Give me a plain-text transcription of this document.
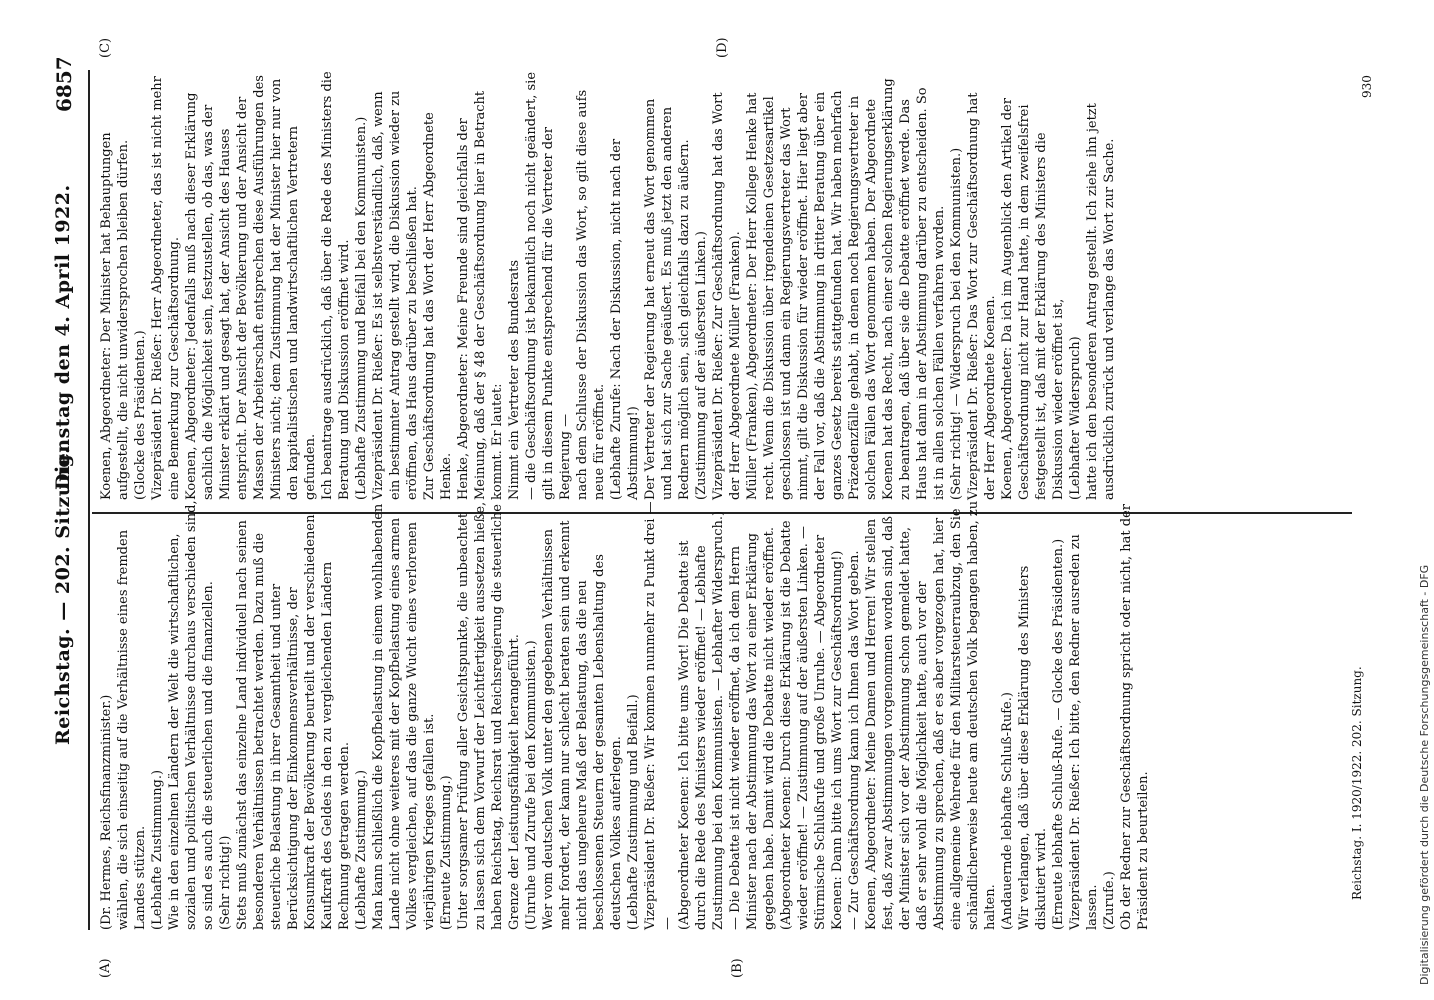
Reichstag. — 202. Sitzung.
Dienstag den 4. April 1922.
6857
(A)	(B)
(C)	(D)
(Dr. Hermes, Reichsfinanzminister.) wählen, die sich einseitig auf die Verhältnisse eines fremden Landes stützen. (Lebhafte Zustimmung.) Wie in den einzelnen Ländern der Welt die wirtschaftlichen, sozialen und politischen Verhältnisse durchaus verschieden sind, so sind es auch die steuerlichen und die finanziellen. (Sehr richtig!) Stets muß zunächst das einzelne Land individuell nach seinen besonderen Verhältnissen betrachtet werden. Dazu muß die steuerliche Belastung in ihrer Gesamtheit und unter Berücksichtigung der Einkommensverhältnisse, der Konsumkraft der Bevölkerung beurteilt und der verschiedenen Kaufkraft des Geldes in den zu vergleichenden Ländern Rechnung getragen werden. (Lebhafte Zustimmung.) Man kann schließlich die Kopfbelastung in einem wohlhabenden Lande nicht ohne weiteres mit der Kopfbelastung eines armen Volkes vergleichen, auf das die ganze Wucht eines verlorenen vierjährigen Krieges gefallen ist. (Erneute Zustimmung.) Unter sorgsamer Prüfung aller Gesichtspunkte, die unbeachtet zu lassen sich dem Vorwurf der Leichtfertigkeit aussetzen hieße, haben Reichstag, Reichsrat und Reichsregierung die steuerliche Grenze der Leistungsfähigkeit herangeführt. (Unruhe und Zurufe bei den Kommunisten.) Wer vom deutschen Volk unter den gegebenen Verhältnissen mehr fordert, der kann nur schlecht beraten sein und erkennt nicht das ungeheure Maß der Belastung, das die neu beschlossenen Steuern der gesamten Lebenshaltung des deutschen Volkes auferlegen. (Lebhafte Zustimmung und Beifall.) Vizepräsident Dr. Rießer: Wir kommen nunmehr zu Punkt drei — — (Abgeordneter Koenen: Ich bitte ums Wort! Die Debatte ist durch die Rede des Ministers wieder eröffnet! — Lebhafte Zustimmung bei den Kommunisten. — Lebhafter Widerspruch.) — Die Debatte ist nicht wieder eröffnet, da ich dem Herrn Minister nach der Abstimmung das Wort zu einer Erklärung gegeben habe. Damit wird die Debatte nicht wieder eröffnet. (Abgeordneter Koenen: Durch diese Erklärung ist die Debatte wieder eröffnet! — Zustimmung auf der äußersten Linken. — Stürmische Schlußrufe und große Unruhe. — Abgeordneter Koenen: Dann bitte ich ums Wort zur Geschäftsordnung!) — Zur Geschäftsordnung kann ich Ihnen das Wort geben. Koenen, Abgeordneter: Meine Damen und Herren! Wir stellen fest, daß zwar Abstimmungen vorgenommen worden sind, daß der Minister sich vor der Abstimmung schon gemeldet hatte, daß er sehr wohl die Möglichkeit hatte, auch vor der Abstimmung zu sprechen, daß er es aber vorgezogen hat, hier eine allgemeine Wehrede für den Militarsteuerraubzug, den Sie schändlicherweise heute am deutschen Volk begangen haben, zu halten. (Andauernde lebhafte Schluß-Rufe.) Wir verlangen, daß über diese Erklärung des Ministers diskutiert wird. (Erneute lebhafte Schluß-Rufe. — Glocke des Präsidenten.) Vizepräsident Dr. Rießer: Ich bitte, den Redner ausreden zu lassen. (Zurufe.) Ob der Redner zur Geschäftsordnung spricht oder nicht, hat der Präsident zu beurteilen.
Koenen, Abgeordneter: Der Minister hat Behauptungen aufgestellt, die nicht unwidersprochen bleiben dürfen. (Glocke des Präsidenten.) Vizepräsident Dr. Rießer: Herr Abgeordneter, das ist nicht mehr eine Bemerkung zur Geschäftsordnung. Koenen, Abgeordneter: Jedenfalls muß nach dieser Erklärung sachlich die Möglichkeit sein, festzustellen, ob das, was der Minister erklärt und gesagt hat, der Ansicht des Hauses entspricht. Der Ansicht der Bevölkerung und der Ansicht der Massen der Arbeiterschaft entsprechen diese Ausführungen des Ministers nicht; dem Zustimmung hat der Minister hier nur von den kapitalistischen und landwirtschaftlichen Vertretern gefunden. Ich beantrage ausdrücklich, daß über die Rede des Ministers die Beratung und Diskussion eröffnet wird. (Lebhafte Zustimmung und Beifall bei den Kommunisten.) Vizepräsident Dr. Rießer: Es ist selbstverständlich, daß, wenn ein bestimmter Antrag gestellt wird, die Diskussion wieder zu eröffnen, das Haus darüber zu beschließen hat. Zur Geschäftsordnung hat das Wort der Herr Abgeordnete Henke. Henke, Abgeordneter: Meine Freunde sind gleichfalls der Meinung, daß der § 48 der Geschäftsordnung hier in Betracht kommt. Er lautet: Nimmt ein Vertreter des Bundesrats — die Geschäftsordnung ist bekanntlich noch nicht geändert, sie gilt in diesem Punkte entsprechend für die Vertreter der Regierung — nach dem Schlusse der Diskussion das Wort, so gilt diese aufs neue für eröffnet. (Lebhafte Zurufe: Nach der Diskussion, nicht nach der Abstimmung!) Der Vertreter der Regierung hat erneut das Wort genommen und hat sich zur Sache geäußert. Es muß jetzt den anderen Rednern möglich sein, sich gleichfalls dazu zu äußern. (Zustimmung auf der äußersten Linken.) Vizepräsident Dr. Rießer: Zur Geschäftsordnung hat das Wort der Herr Abgeordnete Müller (Franken). Müller (Franken), Abgeordneter: Der Herr Kollege Henke hat recht. Wenn die Diskussion über irgendeinen Gesetzesartikel geschlossen ist und dann ein Regierungsvertreter das Wort nimmt, gilt die Diskussion für wieder eröffnet. Hier liegt aber der Fall vor, daß die Abstimmung in dritter Beratung über ein ganzes Gesetz bereits stattgefunden hat. Wir haben mehrfach Präzedenzfälle gehabt, in denen noch Regierungsvertreter in solchen Fällen das Wort genommen haben. Der Abgeordnete Koenen hat das Recht, nach einer solchen Regierungserklärung zu beantragen, daß über sie die Debatte eröffnet werde. Das Haus hat dann in der Abstimmung darüber zu entscheiden. So ist in allen solchen Fällen verfahren worden. (Sehr richtig! — Widerspruch bei den Kommunisten.) Vizepräsident Dr. Rießer: Das Wort zur Geschäftsordnung hat der Herr Abgeordnete Koenen. Koenen, Abgeordneter: Da ich im Augenblick den Artikel der Geschäftsordnung nicht zur Hand hatte, in dem zweifelsfrei festgestellt ist, daß mit der Erklärung des Ministers die Diskussion wieder eröffnet ist, (Lebhafter Widerspruch) hatte ich den besonderen Antrag gestellt. Ich ziehe ihn jetzt ausdrücklich zurück und verlange das Wort zur Sache.
Reichstag. I. 1920/1922. 202. Sitzung.
930
Digitalisierung gefördert durch die Deutsche Forschungsgemeinschaft - DFG
